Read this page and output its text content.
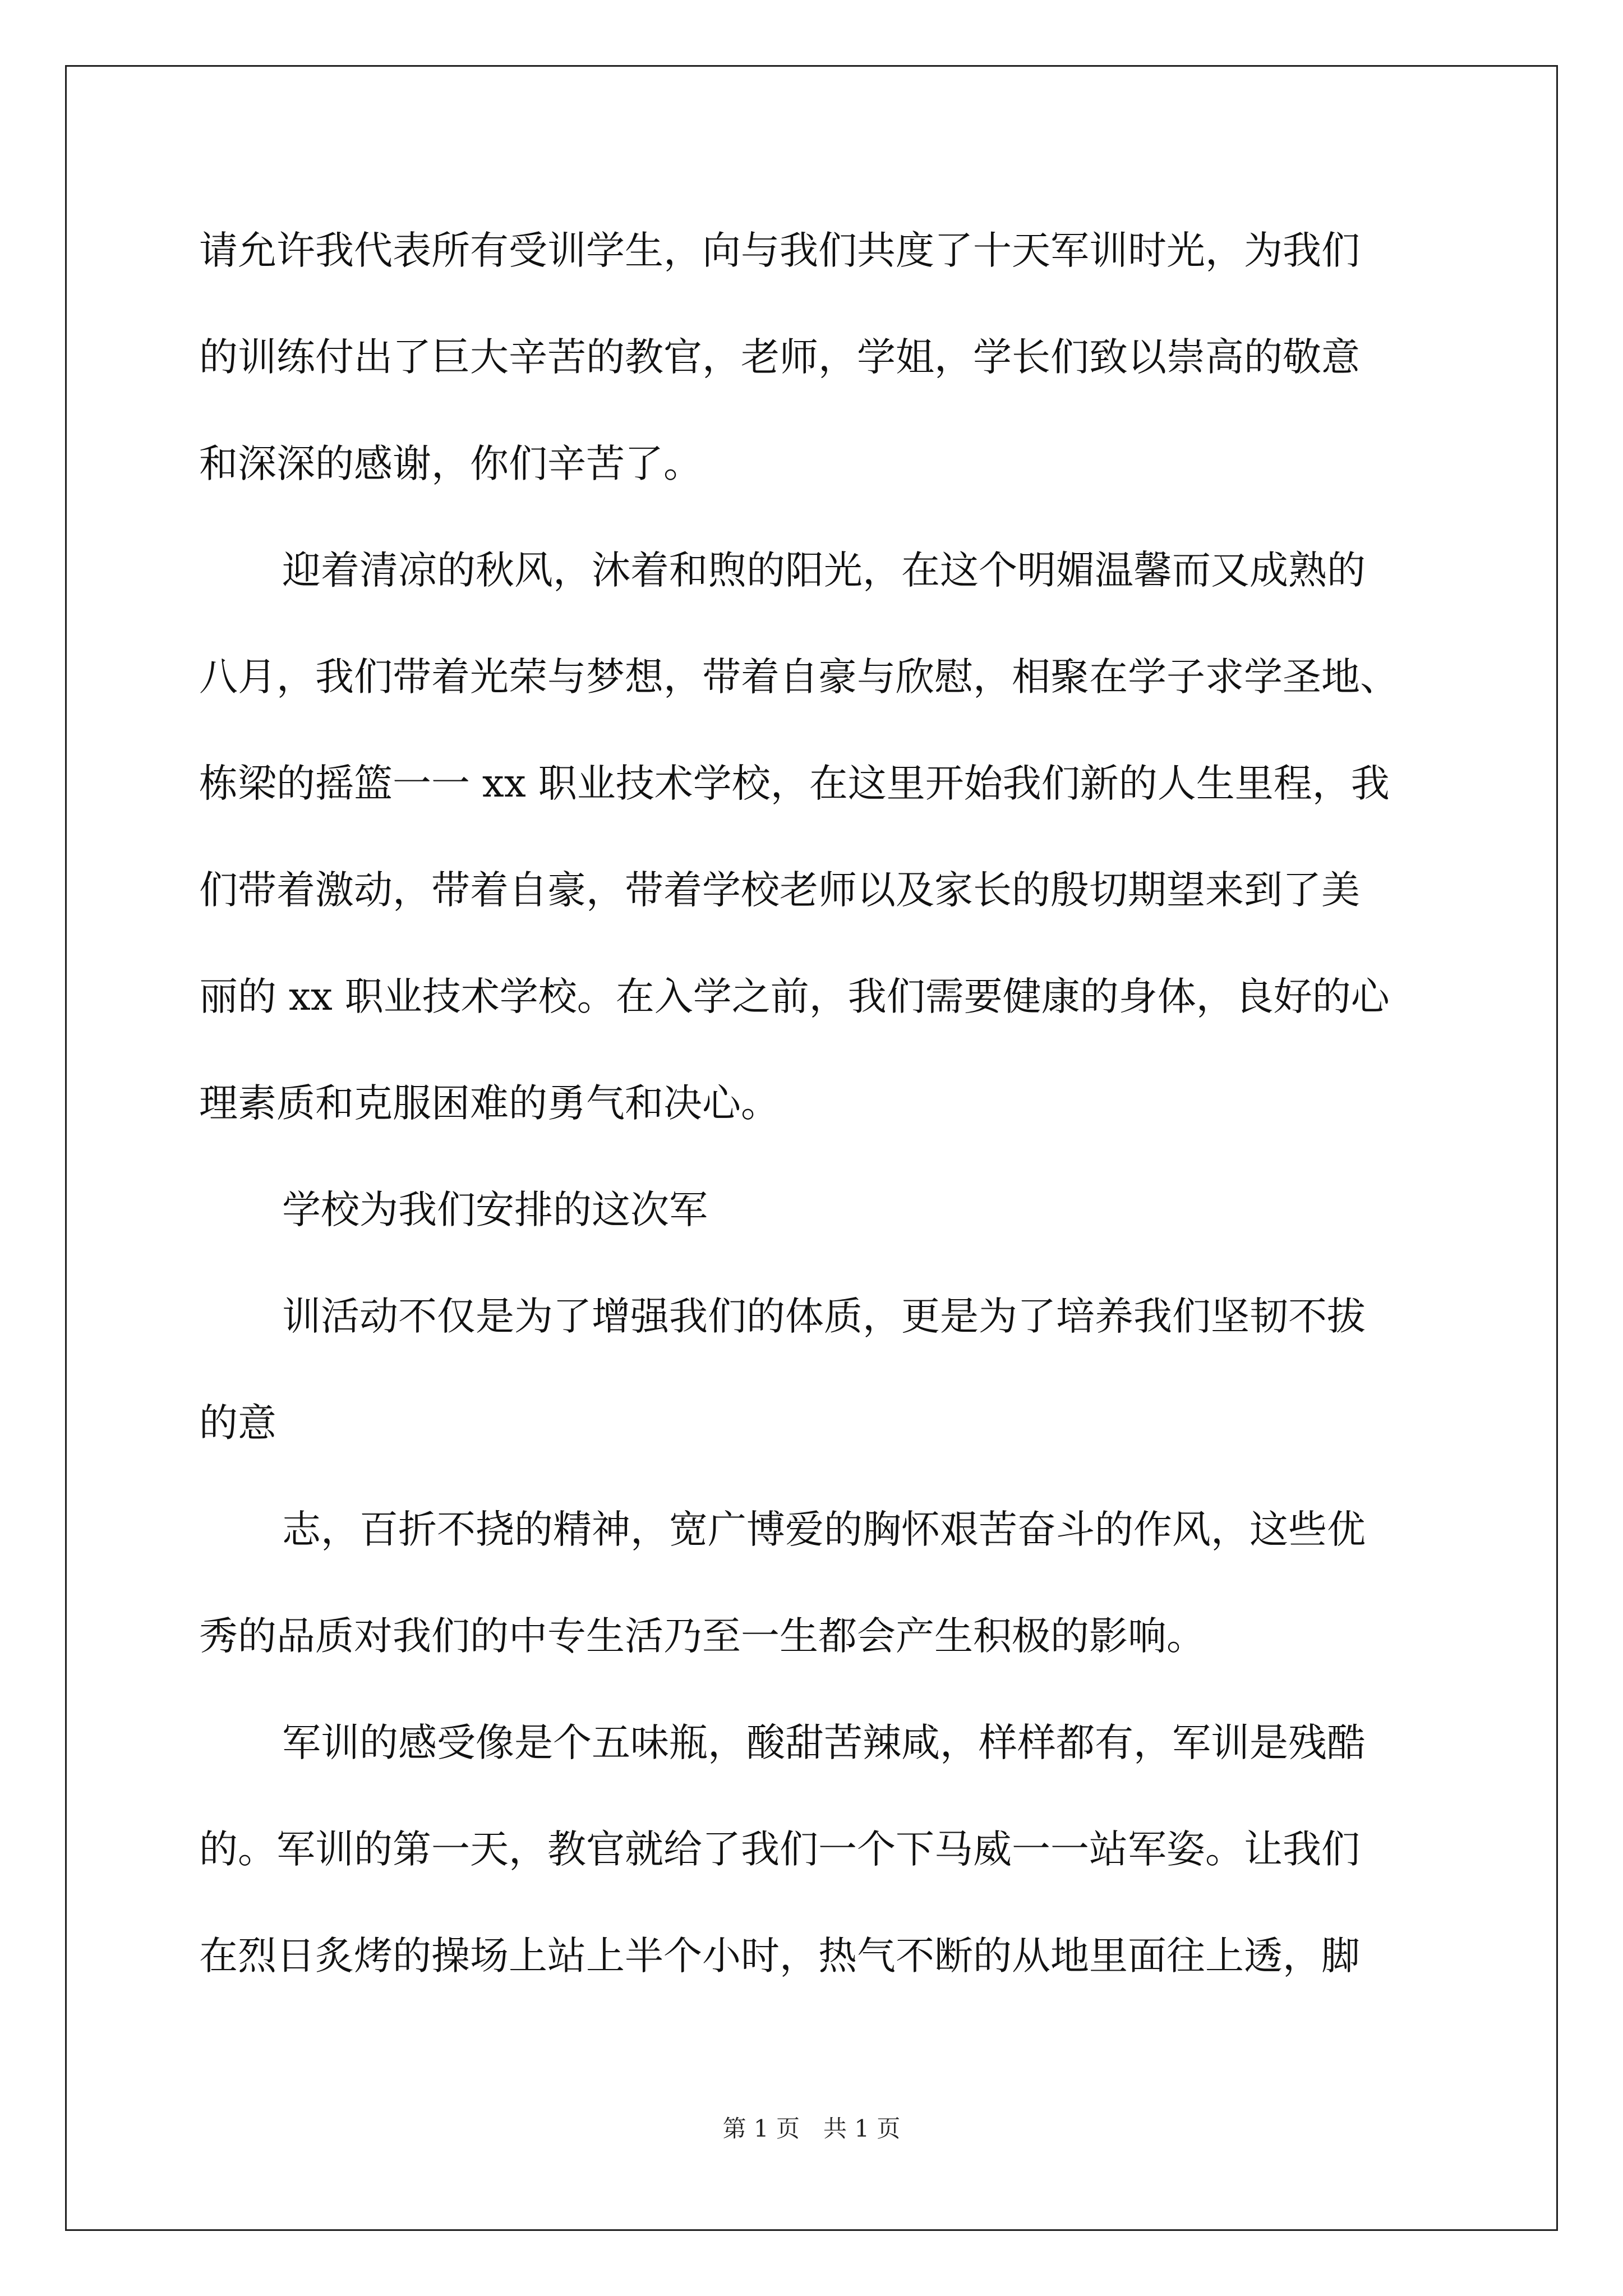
请允许我代表所有受训学生，向与我们共度了十天军训时光，为我们
的训练付出了巨大辛苦的教官，老师，学姐，学长们致以崇高的敬意
和深深的感谢，你们辛苦了。
迎着清凉的秋风，沐着和煦的阳光，在这个明媚温馨而又成熟的
八月，我们带着光荣与梦想，带着自豪与欣慰，相聚在学子求学圣地、
栋梁的摇篮一一 xx 职业技术学校，在这里开始我们新的人生里程，我
们带着激动，带着自豪，带着学校老师以及家长的殷切期望来到了美
丽的 xx 职业技术学校。在入学之前，我们需要健康的身体，良好的心
理素质和克服困难的勇气和决心。
学校为我们安排的这次军
训活动不仅是为了增强我们的体质，更是为了培养我们坚韧不拔
的意
志，百折不挠的精神，宽广博爱的胸怀艰苦奋斗的作风，这些优
秀的品质对我们的中专生活乃至一生都会产生积极的影响。
军训的感受像是个五味瓶，酸甜苦辣咸，样样都有，军训是残酷
的。军训的第一天，教官就给了我们一个下马威一一站军姿。让我们
在烈日炙烤的操场上站上半个小时，热气不断的从地里面往上透，脚
第 1 页　共 1 页
